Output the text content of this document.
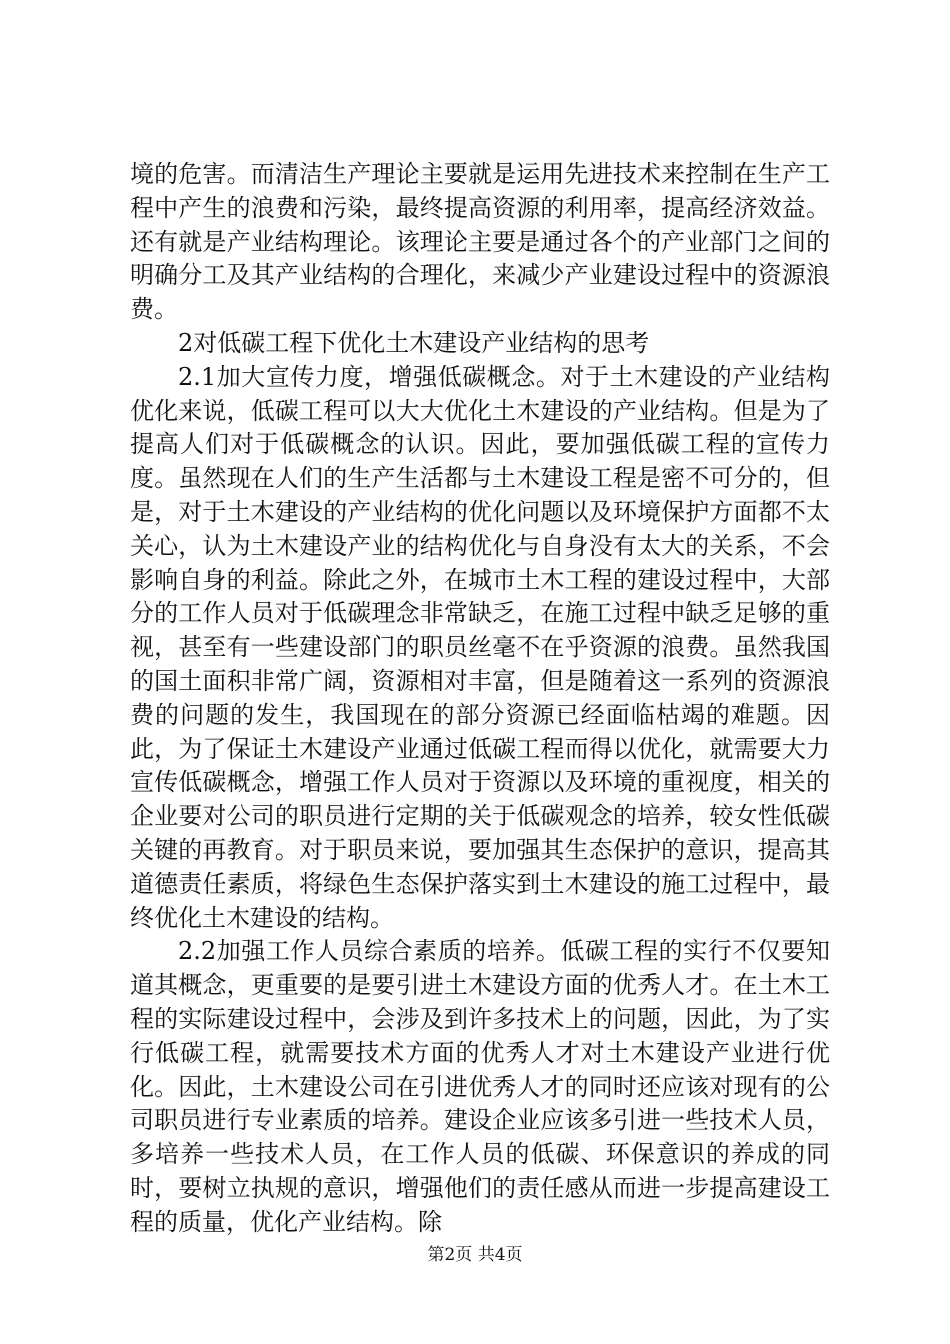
境的危害。而清洁生产理论主要就是运用先进技术来控制在生产工程中产生的浪费和污染，最终提高资源的利用率，提高经济效益。还有就是产业结构理论。该理论主要是通过各个的产业部门之间的明确分工及其产业结构的合理化，来减少产业建设过程中的资源浪费。

2对低碳工程下优化土木建设产业结构的思考

2.1加大宣传力度，增强低碳概念。对于土木建设的产业结构优化来说，低碳工程可以大大优化土木建设的产业结构。但是为了提高人们对于低碳概念的认识。因此，要加强低碳工程的宣传力度。虽然现在人们的生产生活都与土木建设工程是密不可分的，但是，对于土木建设的产业结构的优化问题以及环境保护方面都不太关心，认为土木建设产业的结构优化与自身没有太大的关系，不会影响自身的利益。除此之外，在城市土木工程的建设过程中，大部分的工作人员对于低碳理念非常缺乏，在施工过程中缺乏足够的重视，甚至有一些建设部门的职员丝毫不在乎资源的浪费。虽然我国的国土面积非常广阔，资源相对丰富，但是随着这一系列的资源浪费的问题的发生，我国现在的部分资源已经面临枯竭的难题。因此，为了保证土木建设产业通过低碳工程而得以优化，就需要大力宣传低碳概念，增强工作人员对于资源以及环境的重视度，相关的企业要对公司的职员进行定期的关于低碳观念的培养，较女性低碳关键的再教育。对于职员来说，要加强其生态保护的意识，提高其道德责任素质，将绿色生态保护落实到土木建设的施工过程中，最终优化土木建设的结构。

2.2加强工作人员综合素质的培养。低碳工程的实行不仅要知道其概念，更重要的是要引进土木建设方面的优秀人才。在土木工程的实际建设过程中，会涉及到许多技术上的问题，因此，为了实行低碳工程，就需要技术方面的优秀人才对土木建设产业进行优化。因此，土木建设公司在引进优秀人才的同时还应该对现有的公司职员进行专业素质的培养。建设企业应该多引进一些技术人员，多培养一些技术人员，在工作人员的低碳、环保意识的养成的同时，要树立执规的意识，增强他们的责任感从而进一步提高建设工程的质量，优化产业结构。除

第2页 共4页
